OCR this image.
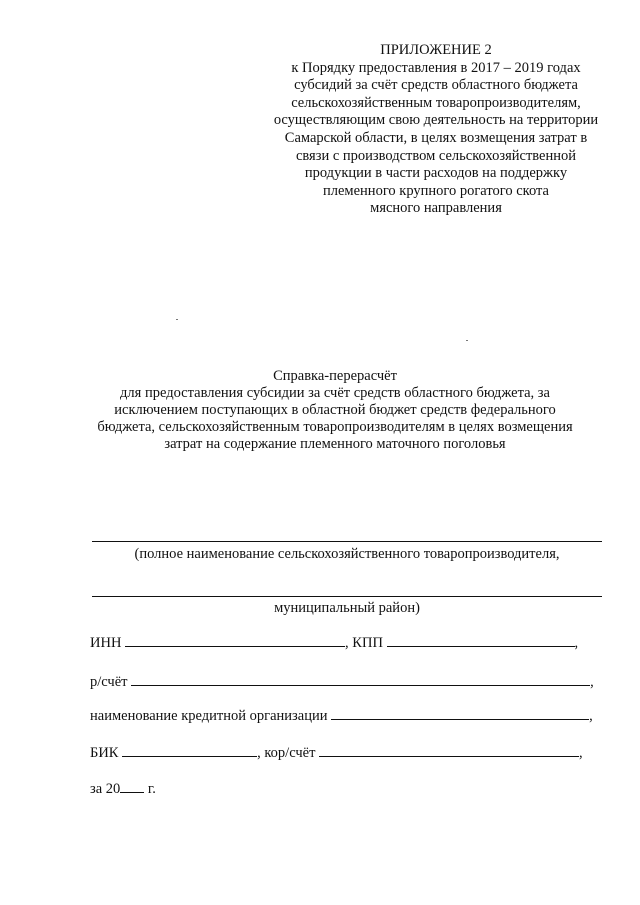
ПРИЛОЖЕНИЕ 2
к Порядку предоставления в 2017 – 2019 годах
субсидий за счёт средств областного бюджета
сельскохозяйственным товаропроизводителям,
осуществляющим свою деятельность на территории
Самарской области, в целях возмещения затрат в
связи с производством сельскохозяйственной
продукции в части расходов на поддержку
племенного крупного рогатого скота
мясного направления
Справка-перерасчёт
для предоставления субсидии за счёт средств областного бюджета, за
исключением поступающих в областной бюджет средств федерального
бюджета, сельскохозяйственным товаропроизводителям в целях возмещения
затрат на содержание племенного маточного поголовья
(полное наименование сельскохозяйственного товаропроизводителя,
муниципальный район)
ИНН	, КПП	,
р/счёт	,
наименование кредитной организации	,
БИК	, кор/счёт	,
за 20 г.
